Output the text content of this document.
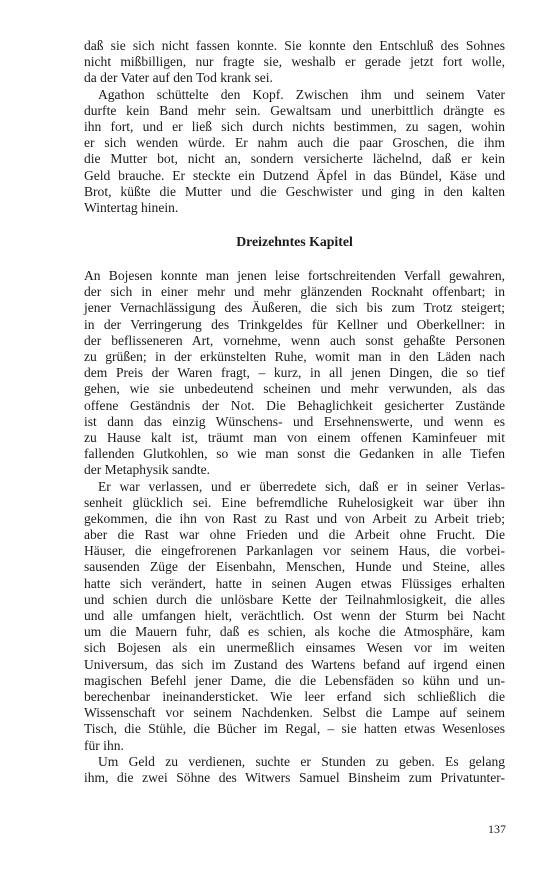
daß sie sich nicht fassen konnte. Sie konnte den Entschluß des Sohnes
nicht mißbilligen, nur fragte sie, weshalb er gerade jetzt fort wolle,
da der Vater auf den Tod krank sei.
Agathon schüttelte den Kopf. Zwischen ihm und seinem Vater
durfte kein Band mehr sein. Gewaltsam und unerbittlich drängte es
ihn fort, und er ließ sich durch nichts bestimmen, zu sagen, wohin
er sich wenden würde. Er nahm auch die paar Groschen, die ihm
die Mutter bot, nicht an, sondern versicherte lächelnd, daß er kein
Geld brauche. Er steckte ein Dutzend Äpfel in das Bündel, Käse und
Brot, küßte die Mutter und die Geschwister und ging in den kalten
Wintertag hinein.
Dreizehntes Kapitel
An Bojesen konnte man jenen leise fortschreitenden Verfall gewahren,
der sich in einer mehr und mehr glänzenden Rocknaht offenbart; in
jener Vernachlässigung des Äußeren, die sich bis zum Trotz steigert;
in der Verringerung des Trinkgeldes für Kellner und Oberkellner: in
der beflisseneren Art, vornehme, wenn auch sonst gehaßte Personen
zu grüßen; in der erkünstelten Ruhe, womit man in den Läden nach
dem Preis der Waren fragt, – kurz, in all jenen Dingen, die so tief
gehen, wie sie unbedeutend scheinen und mehr verwunden, als das
offene Geständnis der Not. Die Behaglichkeit gesicherter Zustände
ist dann das einzig Wünschens- und Ersehnenswerte, und wenn es
zu Hause kalt ist, träumt man von einem offenen Kaminfeuer mit
fallenden Glutkohlen, so wie man sonst die Gedanken in alle Tiefen
der Metaphysik sandte.
Er war verlassen, und er überredete sich, daß er in seiner Verlas-
senheit glücklich sei. Eine befremdliche Ruhelosigkeit war über ihn
gekommen, die ihn von Rast zu Rast und von Arbeit zu Arbeit trieb;
aber die Rast war ohne Frieden und die Arbeit ohne Frucht. Die
Häuser, die eingefrorenen Parkanlagen vor seinem Haus, die vorbei-
sausenden Züge der Eisenbahn, Menschen, Hunde und Steine, alles
hatte sich verändert, hatte in seinen Augen etwas Flüssiges erhalten
und schien durch die unlösbare Kette der Teilnahmlosigkeit, die alles
und alle umfangen hielt, verächtlich. Ost wenn der Sturm bei Nacht
um die Mauern fuhr, daß es schien, als koche die Atmosphäre, kam
sich Bojesen als ein unermeßlich einsames Wesen vor im weiten
Universum, das sich im Zustand des Wartens befand auf irgend einen
magischen Befehl jener Dame, die die Lebensfäden so kühn und un-
berechenbar ineinandersticket. Wie leer erfand sich schließlich die
Wissenschaft vor seinem Nachdenken. Selbst die Lampe auf seinem
Tisch, die Stühle, die Bücher im Regal, – sie hatten etwas Wesenloses
für ihn.
Um Geld zu verdienen, suchte er Stunden zu geben. Es gelang
ihm, die zwei Söhne des Witwers Samuel Binsheim zum Privatunter-
137
